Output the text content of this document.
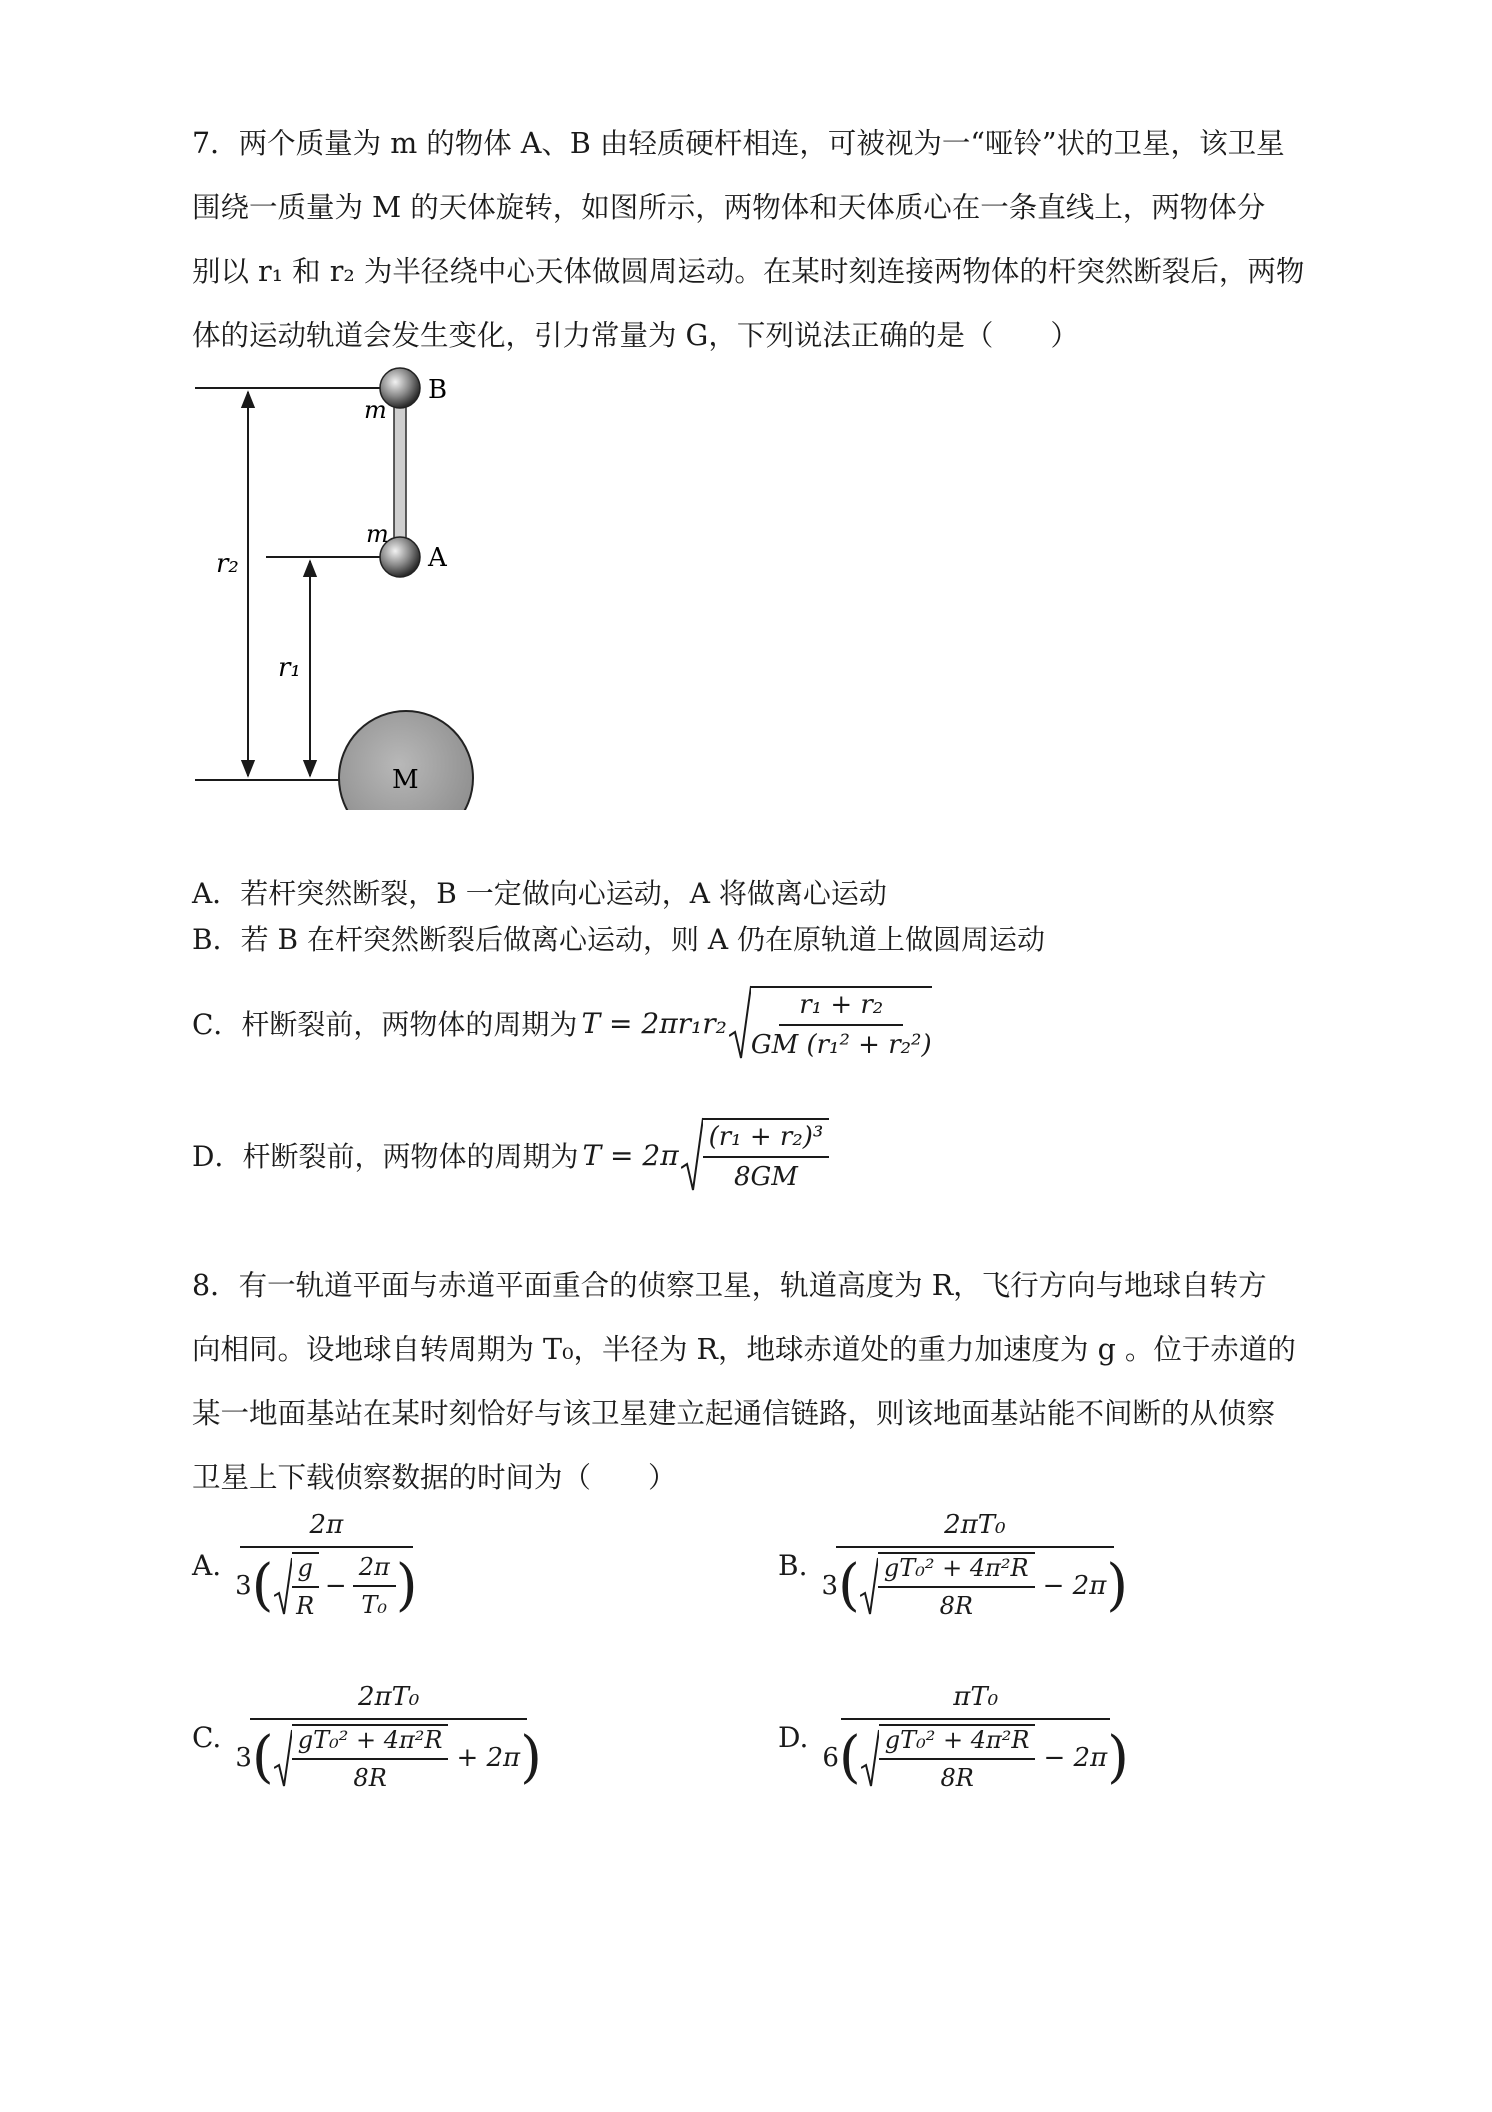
7．两个质量为 m 的物体 A、B 由轻质硬杆相连，可被视为一“哑铃”状的卫星，该卫星
围绕一质量为 M 的天体旋转，如图所示，两物体和天体质心在一条直线上，两物体分
别以 r₁ 和 r₂ 为半径绕中心天体做圆周运动。在某时刻连接两物体的杆突然断裂后，两物
体的运动轨道会发生变化，引力常量为 G，下列说法正确的是（　　）
B
A
m
m
r₂
r₁
M
A．若杆突然断裂，B 一定做向心运动，A 将做离心运动
B．若 B 在杆突然断裂后做离心运动，则 A 仍在原轨道上做圆周运动
C．杆断裂前，两物体的周期为 $T = 2\pi r_1r_2 \frac{\text{r₁ + r₂}}{\text{GM (r₁² + r₂²)}}$
D．杆断裂前，两物体的周期为 $T = 2\pi \frac{\text{(r₁ + r₂)³}}{8GM}$
8．有一轨道平面与赤道平面重合的侦察卫星，轨道高度为 R，飞行方向与地球自转方
向相同。设地球自转周期为 T₀，半径为 R，地球赤道处的重力加速度为 g 。位于赤道的
某一地面基站在某时刻恰好与该卫星建立起通信链路，则该地面基站能不间断的从侦察
卫星上下载侦察数据的时间为（　　）
A.
2π
3 ( $\frac{g}{R} - \frac{2\pi}{\text{T₀}}$ )	B.
2πT₀
3 ( $\frac{\text{gT₀² + 4π²R}}{8R} - 2\pi$ )
C.
2πT₀
3 ( $\frac{\text{gT₀² + 4π²R}}{8R} + 2\pi$ )	D.
πT₀
6 ( $\frac{\text{gT₀² + 4π²R}}{8R} - 2\pi$ )
